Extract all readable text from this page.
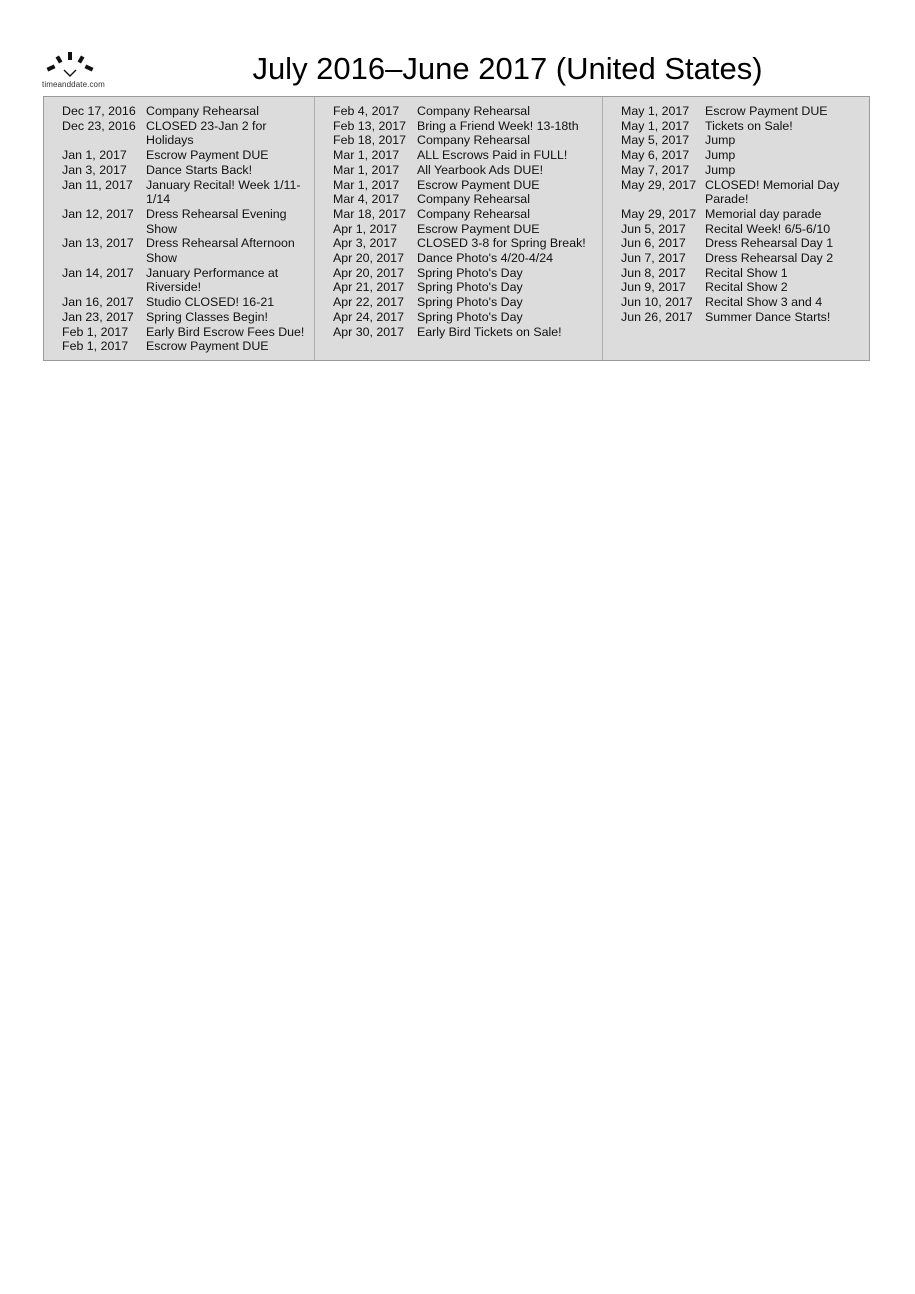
timeanddate.com	July 2016–June 2017 (United States)
Dec 17, 2016 Company Rehearsal
Dec 23, 2016 CLOSED 23-Jan 2 for Holidays
Jan 1, 2017	Escrow Payment DUE
Jan 3, 2017	Dance Starts Back!
Jan 11, 2017	January Recital! Week 1/11-1/14
Jan 12, 2017 Dress Rehearsal Evening Show
Jan 13, 2017 Dress Rehearsal Afternoon Show
Jan 14, 2017 January Performance at Riverside!
Jan 16, 2017 Studio CLOSED! 16-21
Jan 23, 2017 Spring Classes Begin!
Feb 1, 2017	Early Bird Escrow Fees Due!
Feb 1, 2017	Escrow Payment DUE
Feb 4, 2017	Company Rehearsal
Feb 13, 2017 Bring a Friend Week! 13-18th
Feb 18, 2017 Company Rehearsal
Mar 1, 2017	ALL Escrows Paid in FULL!
Mar 1, 2017	All Yearbook Ads DUE!
Mar 1, 2017	Escrow Payment DUE
Mar 4, 2017	Company Rehearsal
Mar 18, 2017 Company Rehearsal
Apr 1, 2017	Escrow Payment DUE
Apr 3, 2017	CLOSED 3-8 for Spring Break!
Apr 20, 2017	Dance Photo's 4/20-4/24
Apr 20, 2017	Spring Photo's Day
Apr 21, 2017	Spring Photo's Day
Apr 22, 2017	Spring Photo's Day
Apr 24, 2017	Spring Photo's Day
Apr 30, 2017	Early Bird Tickets on Sale!
May 1, 2017	Escrow Payment DUE
May 1, 2017	Tickets on Sale!
May 5, 2017	Jump
May 6, 2017	Jump
May 7, 2017	Jump
May 29, 2017 CLOSED! Memorial Day Parade!
May 29, 2017 Memorial day parade
Jun 5, 2017	Recital Week! 6/5-6/10
Jun 6, 2017	Dress Rehearsal Day 1
Jun 7, 2017	Dress Rehearsal Day 2
Jun 8, 2017	Recital Show 1
Jun 9, 2017	Recital Show 2
Jun 10, 2017 Recital Show 3 and 4
Jun 26, 2017 Summer Dance Starts!
